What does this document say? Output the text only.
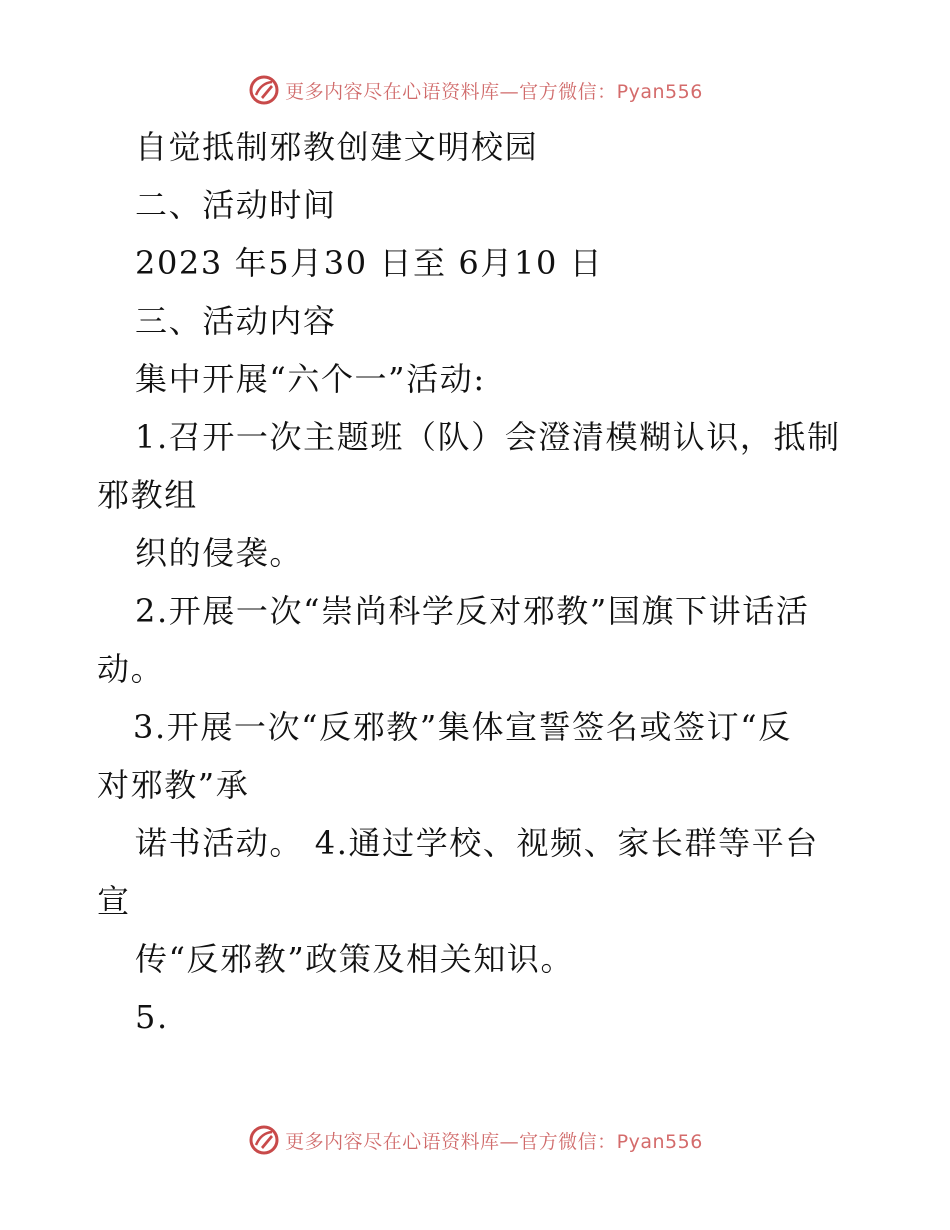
更多内容尽在心语资料库—官方微信：Pyan556
自觉抵制邪教创建文明校园
二、活动时间
2023 年5月30 日至 6月10 日
三、活动内容
集中开展“六个一”活动:
1.召开一次主题班（队）会澄清模糊认识，抵制
邪教组
织的侵袭。
2.开展一次“崇尚科学反对邪教”国旗下讲话活
动。
3.开展一次“反邪教”集体宣誓签名或签订“反
对邪教”承
诺书活动。 4.通过学校、视频、家长群等平台
宣
传“反邪教”政策及相关知识。
5.
更多内容尽在心语资料库—官方微信：Pyan556
